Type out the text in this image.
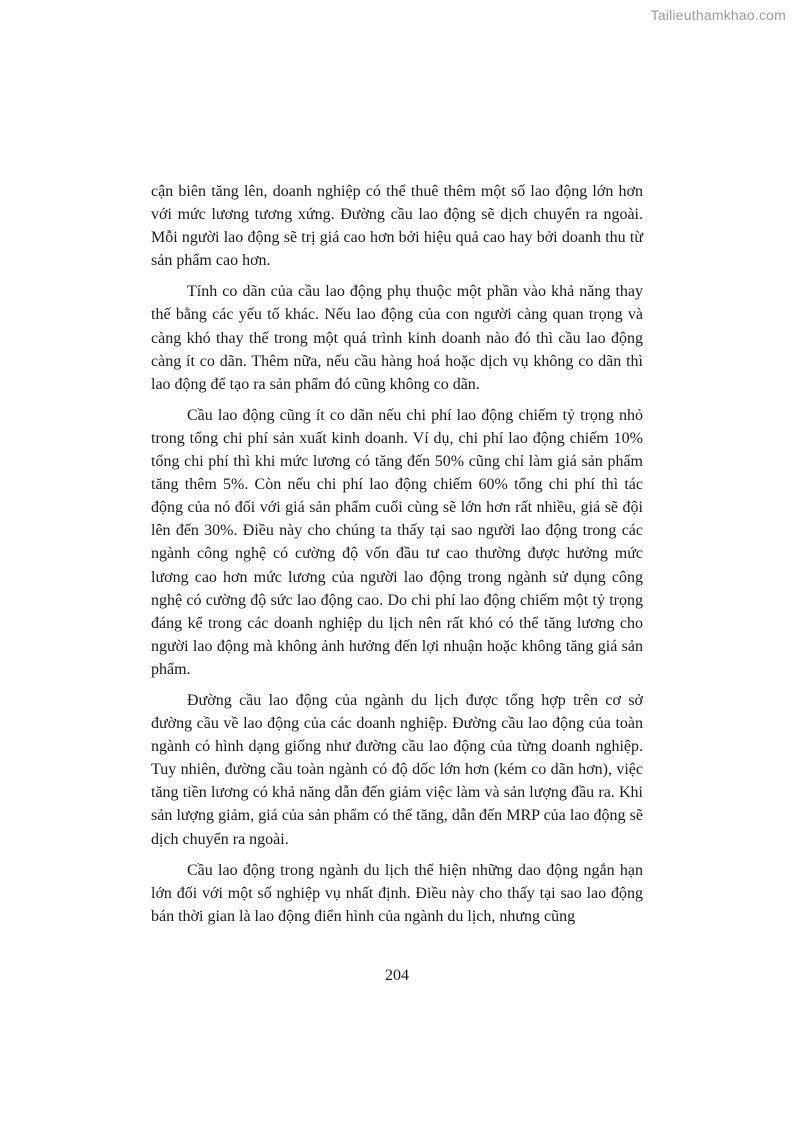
Tailieuthamkhao.com

cận biên tăng lên, doanh nghiệp có thể thuê thêm một số lao động lớn hơn với mức lương tương xứng. Đường cầu lao động sẽ dịch chuyển ra ngoài. Mỗi người lao động sẽ trị giá cao hơn bởi hiệu quả cao hay bởi doanh thu từ sản phẩm cao hơn.

Tính co dãn của cầu lao động phụ thuộc một phần vào khả năng thay thế bằng các yếu tố khác. Nếu lao động của con người càng quan trọng và càng khó thay thế trong một quá trình kinh doanh nào đó thì cầu lao động càng ít co dãn. Thêm nữa, nếu cầu hàng hoá hoặc dịch vụ không co dãn thì lao động để tạo ra sản phẩm đó cũng không co dãn.

Cầu lao động cũng ít co dãn nếu chi phí lao động chiếm tỷ trọng nhỏ trong tổng chi phí sản xuất kinh doanh. Ví dụ, chi phí lao động chiếm 10% tổng chi phí thì khi mức lương có tăng đến 50% cũng chỉ làm giá sản phẩm tăng thêm 5%. Còn nếu chi phí lao động chiếm 60% tổng chi phí thì tác động của nó đối với giá sản phẩm cuối cùng sẽ lớn hơn rất nhiều, giá sẽ đội lên đến 30%. Điều này cho chúng ta thấy tại sao người lao động trong các ngành công nghệ có cường độ vốn đầu tư cao thường được hưởng mức lương cao hơn mức lương của người lao động trong ngành sử dụng công nghệ có cường độ sức lao động cao. Do chi phí lao động chiếm một tỷ trọng đáng kể trong các doanh nghiệp du lịch nên rất khó có thể tăng lương cho người lao động mà không ảnh hưởng đến lợi nhuận hoặc không tăng giá sản phẩm.

Đường cầu lao động của ngành du lịch được tổng hợp trên cơ sở đường cầu về lao động của các doanh nghiệp. Đường cầu lao động của toàn ngành có hình dạng giống như đường cầu lao động của từng doanh nghiệp. Tuy nhiên, đường cầu toàn ngành có độ dốc lớn hơn (kém co dãn hơn), việc tăng tiền lương có khả năng dẫn đến giảm việc làm và sản lượng đầu ra. Khi sản lượng giảm, giá của sản phẩm có thể tăng, dẫn đến MRP của lao động sẽ dịch chuyển ra ngoài.

Cầu lao động trong ngành du lịch thể hiện những dao động ngắn hạn lớn đối với một số nghiệp vụ nhất định. Điều này cho thấy tại sao lao động bán thời gian là lao động điển hình của ngành du lịch, nhưng cũng

204
